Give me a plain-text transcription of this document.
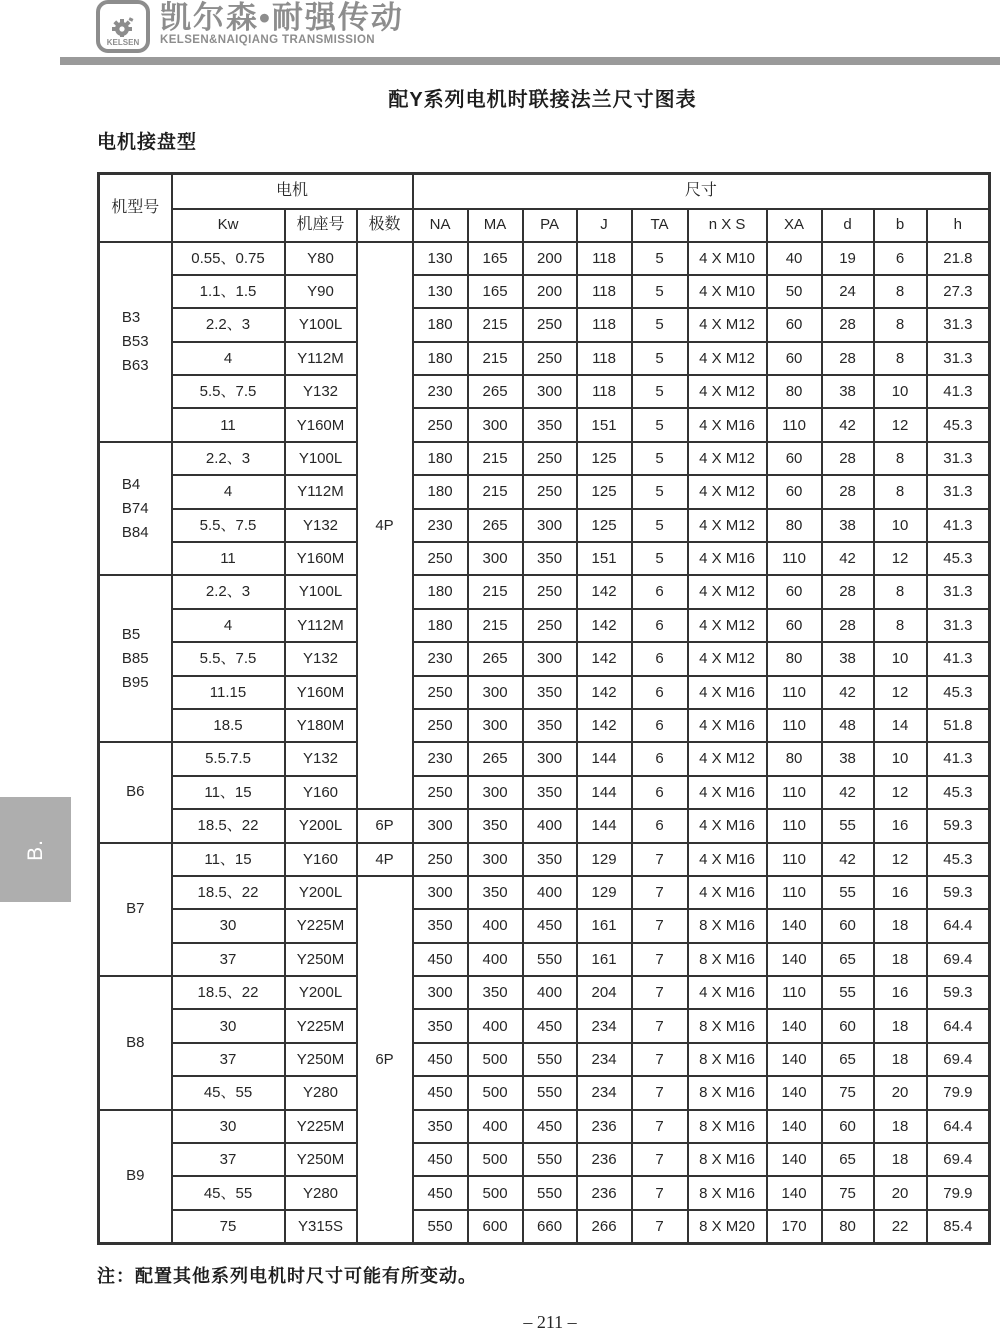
KELSEN
凯尔森•耐强传动
KELSEN&NAIQIANG TRANSMISSION
配Y系列电机时联接法兰尺寸图表
电机接盘型
机型号	电机			尺寸									
	Kw	机座号	极数	NA	MA	PA	J	TA	n X S	XA	d	b	h

B3
B53
B63	0.55、0.75	Y80	4P	130	165	200	118	5	4 X M10	40	19	6	21.8
	1.1、1.5	Y90		130	165	200	118	5	4 X M10	50	24	8	27.3
	2.2、3	Y100L		180	215	250	118	5	4 X M12	60	28	8	31.3
	4	Y112M		180	215	250	118	5	4 X M12	60	28	8	31.3
	5.5、7.5	Y132		230	265	300	118	5	4 X M12	80	38	10	41.3
	11	Y160M		250	300	350	151	5	4 X M16	110	42	12	45.3

B4
B74
B84	2.2、3	Y100L		180	215	250	125	5	4 X M12	60	28	8	31.3
	4	Y112M		180	215	250	125	5	4 X M12	60	28	8	31.3
	5.5、7.5	Y132		230	265	300	125	5	4 X M12	80	38	10	41.3
	11	Y160M		250	300	350	151	5	4 X M16	110	42	12	45.3

B5
B85
B95	2.2、3	Y100L		180	215	250	142	6	4 X M12	60	28	8	31.3
	4	Y112M		180	215	250	142	6	4 X M12	60	28	8	31.3
	5.5、7.5	Y132		230	265	300	142	6	4 X M12	80	38	10	41.3
	11.15	Y160M		250	300	350	142	6	4 X M16	110	42	12	45.3
	18.5	Y180M		250	300	350	142	6	4 X M16	110	48	14	51.8

B6	5.5.7.5	Y132		230	265	300	144	6	4 X M12	80	38	10	41.3
	11、15	Y160		250	300	350	144	6	4 X M16	110	42	12	45.3
	18.5、22	Y200L	6P	300	350	400	144	6	4 X M16	110	55	16	59.3

B7	11、15	Y160	4P	250	300	350	129	7	4 X M16	110	42	12	45.3
	18.5、22	Y200L	6P	300	350	400	129	7	4 X M16	110	55	16	59.3
	30	Y225M		350	400	450	161	7	8 X M16	140	60	18	64.4
	37	Y250M		450	400	550	161	7	8 X M16	140	65	18	69.4

B8	18.5、22	Y200L		300	350	400	204	7	4 X M16	110	55	16	59.3
	30	Y225M		350	400	450	234	7	8 X M16	140	60	18	64.4
	37	Y250M		450	500	550	234	7	8 X M16	140	65	18	69.4
	45、55	Y280		450	500	550	234	7	8 X M16	140	75	20	79.9

B9	30	Y225M		350	400	450	236	7	8 X M16	140	60	18	64.4
	37	Y250M		450	500	550	236	7	8 X M16	140	65	18	69.4
	45、55	Y280		450	500	550	236	7	8 X M16	140	75	20	79.9
	75	Y315S		550	600	660	266	7	8 X M20	170	80	22	85.4
B.
注：配置其他系列电机时尺寸可能有所变动。
– 211 –
